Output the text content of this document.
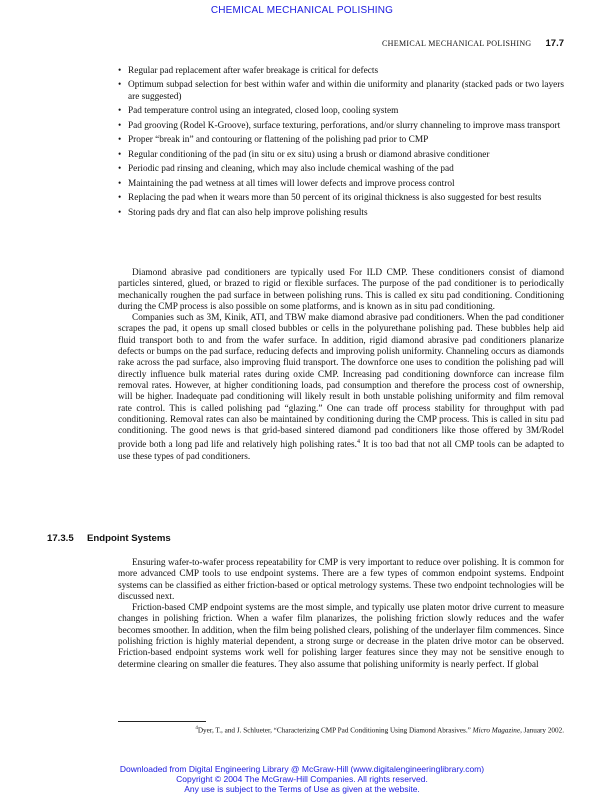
CHEMICAL MECHANICAL POLISHING
CHEMICAL MECHANICAL POLISHING 17.7
• Regular pad replacement after wafer breakage is critical for defects
• Optimum subpad selection for best within wafer and within die uniformity and planarity (stacked pads or two layers are suggested)
• Pad temperature control using an integrated, closed loop, cooling system
• Pad grooving (Rodel K-Groove), surface texturing, perforations, and/or slurry channeling to improve mass transport
• Proper “break in” and contouring or flattening of the polishing pad prior to CMP
• Regular conditioning of the pad (in situ or ex situ) using a brush or diamond abrasive conditioner
• Periodic pad rinsing and cleaning, which may also include chemical washing of the pad
• Maintaining the pad wetness at all times will lower defects and improve process control
• Replacing the pad when it wears more than 50 percent of its original thickness is also suggested for best results
• Storing pads dry and flat can also help improve polishing results

Diamond abrasive pad conditioners are typically used For ILD CMP. These conditioners consist of diamond particles sintered, glued, or brazed to rigid or flexible surfaces. The purpose of the pad conditioner is to periodically mechanically roughen the pad surface in between polishing runs. This is called ex situ pad conditioning. Conditioning during the CMP process is also possible on some platforms, and is known as in situ pad conditioning.

Companies such as 3M, Kinik, ATI, and TBW make diamond abrasive pad conditioners. When the pad conditioner scrapes the pad, it opens up small closed bubbles or cells in the polyurethane polishing pad. These bubbles help aid fluid transport both to and from the wafer surface. In addition, rigid diamond abrasive pad conditioners planarize defects or bumps on the pad surface, reducing defects and improving polish uniformity. Channeling occurs as diamonds rake across the pad surface, also improving fluid transport. The downforce one uses to condition the polishing pad will directly influence bulk material rates during oxide CMP. Increasing pad conditioning downforce can increase film removal rates. However, at higher conditioning loads, pad consumption and therefore the process cost of ownership, will be higher. Inadequate pad conditioning will likely result in both unstable polishing uniformity and film removal rate control. This is called polishing pad “glazing.” One can trade off process stability for throughput with pad conditioning. Removal rates can also be maintained by conditioning during the CMP process. This is called in situ pad conditioning. The good news is that grid-based sintered diamond pad conditioners like those offered by 3M/Rodel provide both a long pad life and relatively high polishing rates.$^4$ It is too bad that not all CMP tools can be adapted to use these types of pad conditioners.

17.3.5 Endpoint Systems

Ensuring wafer-to-wafer process repeatability for CMP is very important to reduce over polishing. It is common for more advanced CMP tools to use endpoint systems. There are a few types of common endpoint systems. Endpoint systems can be classified as either friction-based or optical metrology systems. These two endpoint technologies will be discussed next.

Friction-based CMP endpoint systems are the most simple, and typically use platen motor drive current to measure changes in polishing friction. When a wafer film planarizes, the polishing friction slowly reduces and the wafer becomes smoother. In addition, when the film being polished clears, polishing of the underlayer film commences. Since polishing friction is highly material dependent, a strong surge or decrease in the platen drive motor can be observed. Friction-based endpoint systems work well for polishing larger features since they may not be sensitive enough to determine clearing on smaller die features. They also assume that polishing uniformity is nearly perfect. If global

$^4$Dyer, T., and J. Schlueter, “Characterizing CMP Pad Conditioning Using Diamond Abrasives.” Micro Magazine, January 2002.
Downloaded from Digital Engineering Library @ McGraw-Hill (www.digitalengineeringlibrary.com)
Copyright © 2004 The McGraw-Hill Companies. All rights reserved.
Any use is subject to the Terms of Use as given at the website.
